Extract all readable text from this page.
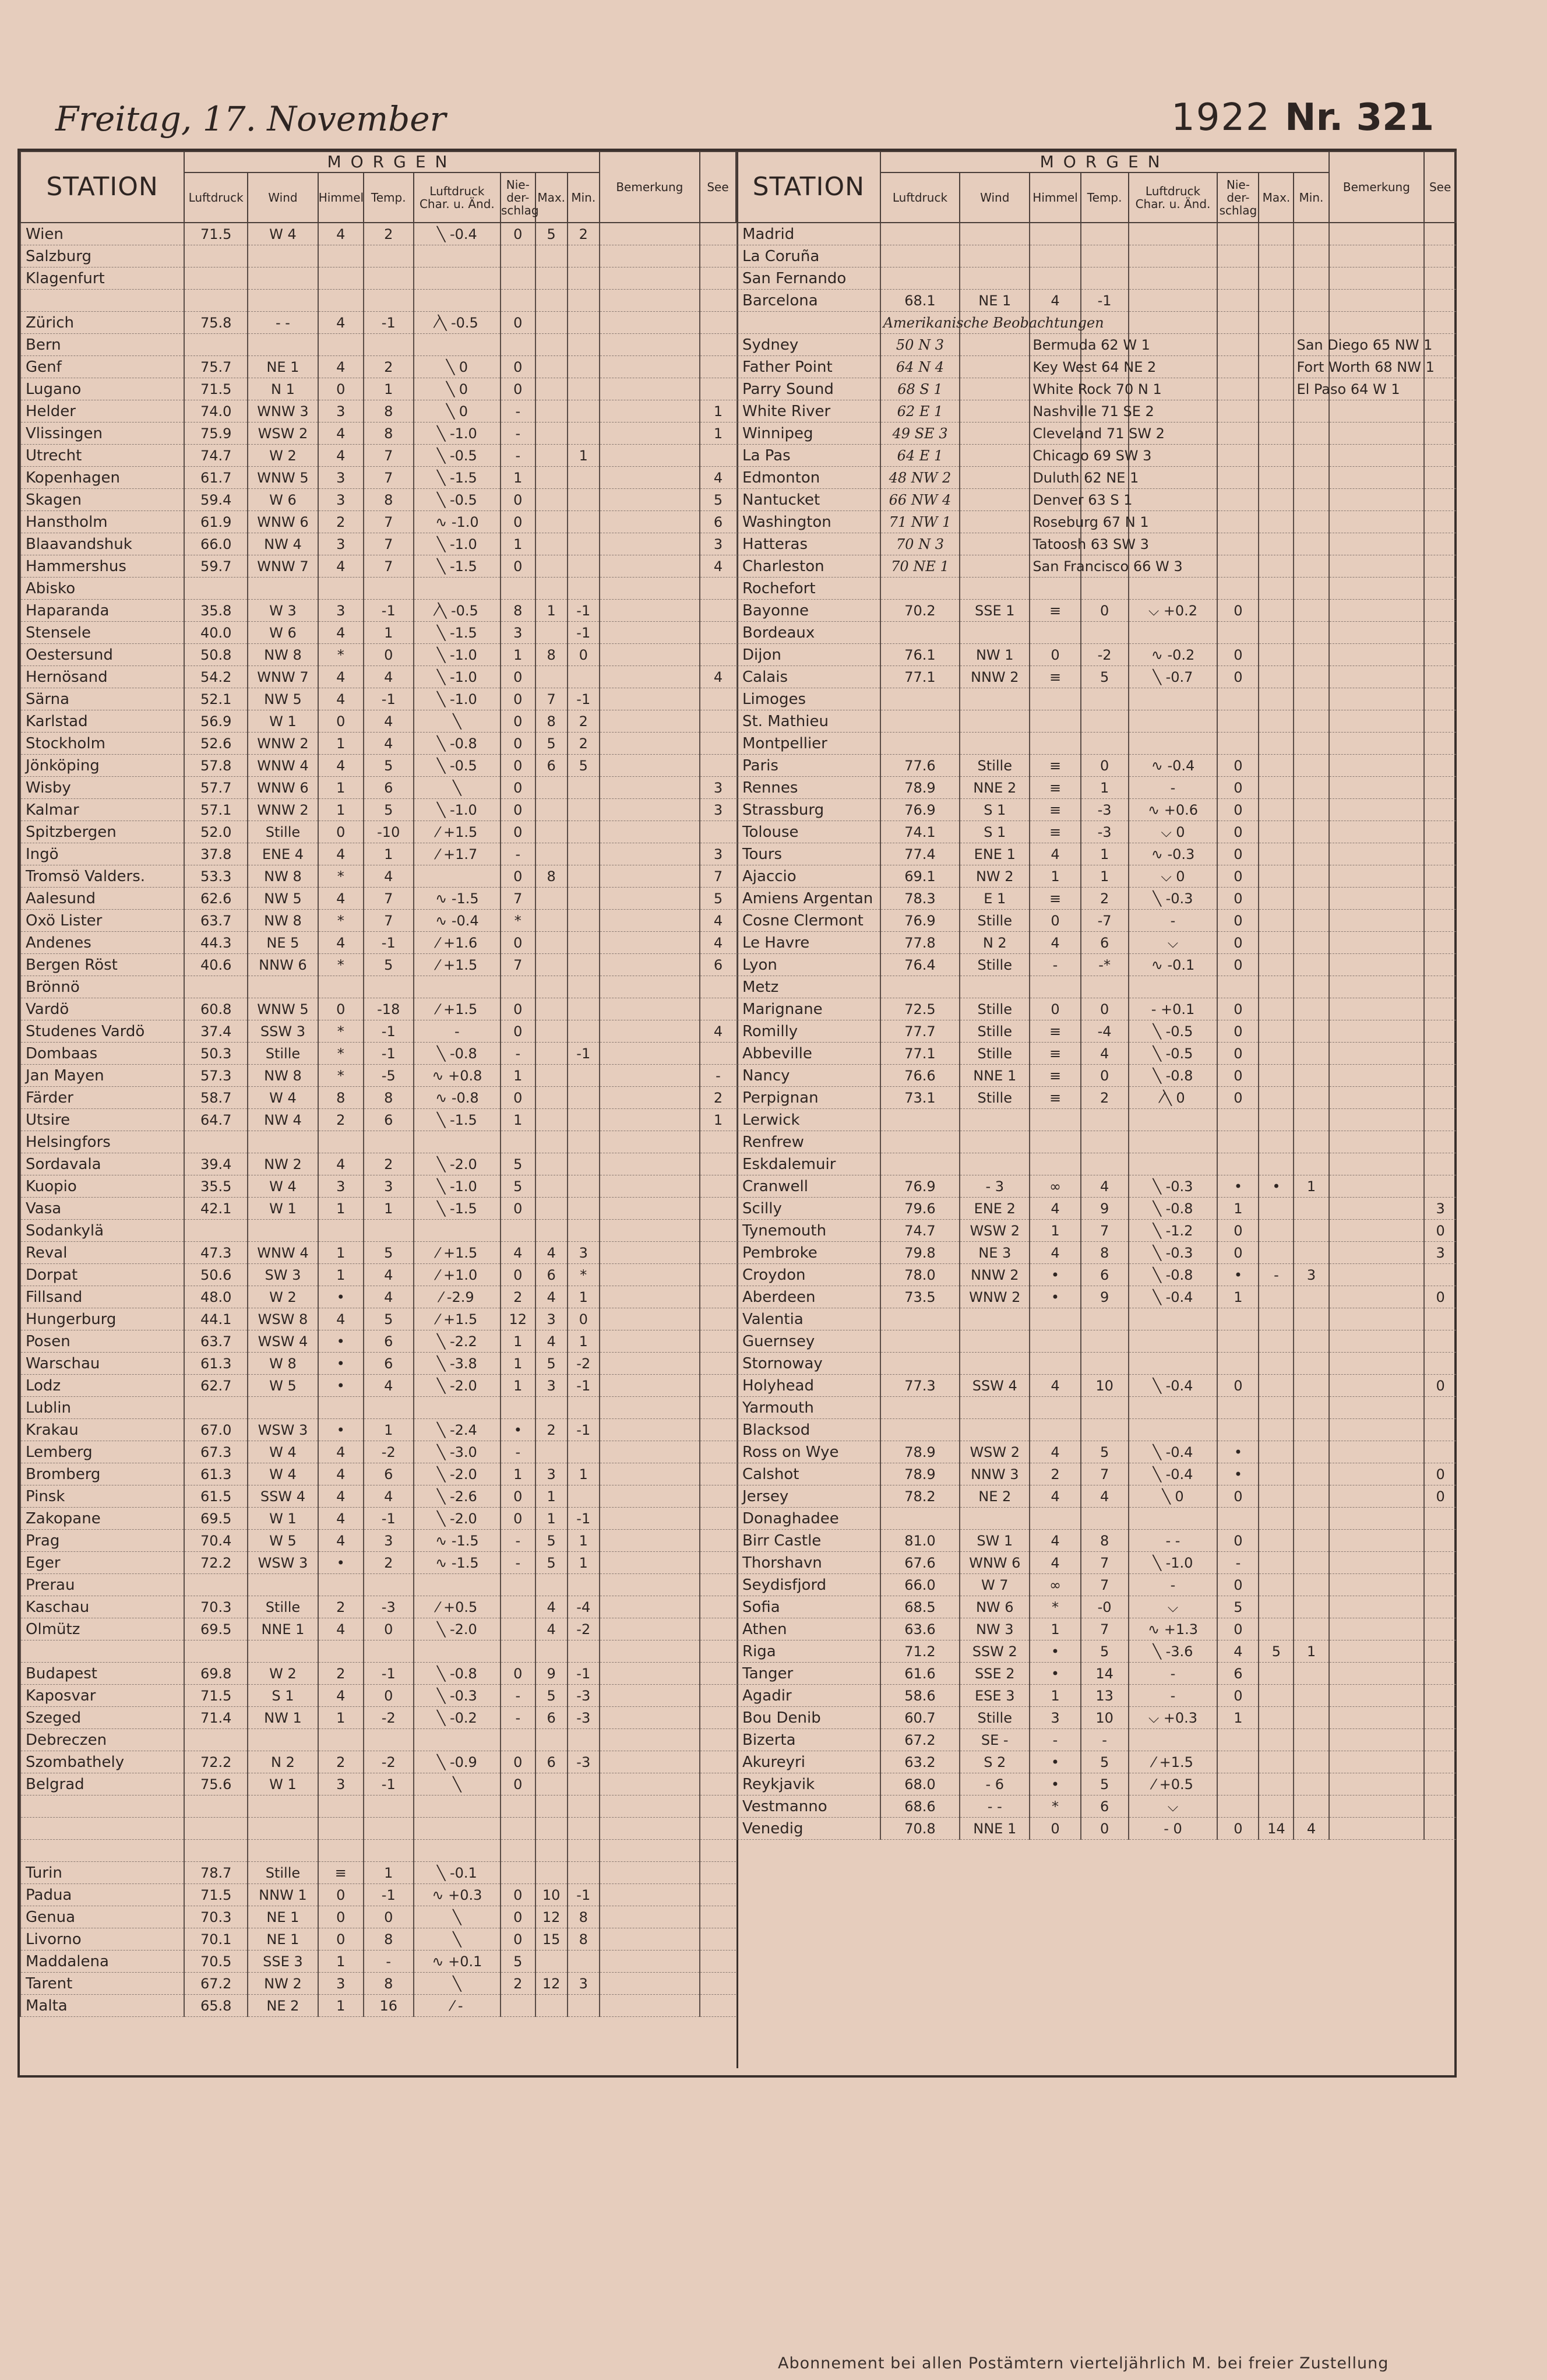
Freitag, 17. November	1922 Nr. 321
STATION	MORGEN								Bemerkung	See
	Luftdruck	Wind	Himmel	Temp.	Luftdruck Char. u. Änd.	Nie-der-schlag	Max.	Min.		
Wien	71.5	W 4	4	2	╲ -0.4	0	5	2		
Salzburg										
Klagenfurt										

Zürich	75.8	- -	4	-1	⁄╲ -0.5	0				
Bern										
Genf	75.7	NE 1	4	2	╲ 0	0				
Lugano	71.5	N 1	0	1	╲ 0	0				
Helder	74.0	WNW 3	3	8	╲ 0	-				1
Vlissingen	75.9	WSW 2	4	8	╲ -1.0	-				1
Utrecht	74.7	W 2	4	7	╲ -0.5	-		1		
Kopenhagen	61.7	WNW 5	3	7	╲ -1.5	1				4
Skagen	59.4	W 6	3	8	╲ -0.5	0				5
Hanstholm	61.9	WNW 6	2	7	∿ -1.0	0				6
Blaavandshuk	66.0	NW 4	3	7	╲ -1.0	1				3
Hammershus	59.7	WNW 7	4	7	╲ -1.5	0				4
Abisko										
Haparanda	35.8	W 3	3	-1	⁄╲ -0.5	8	1	-1		
Stensele	40.0	W 6	4	1	╲ -1.5	3		-1		
Oestersund	50.8	NW 8	*	0	╲ -1.0	1	8	0		
Hernösand	54.2	WNW 7	4	4	╲ -1.0	0				4
Särna	52.1	NW 5	4	-1	╲ -1.0	0	7	-1		
Karlstad	56.9	W 1	0	4	╲	0	8	2		
Stockholm	52.6	WNW 2	1	4	╲ -0.8	0	5	2		
Jönköping	57.8	WNW 4	4	5	╲ -0.5	0	6	5		
Wisby	57.7	WNW 6	1	6	╲	0				3
Kalmar	57.1	WNW 2	1	5	╲ -1.0	0				3
Spitzbergen	52.0	Stille	0	-10	⁄ +1.5	0				
Ingö	37.8	ENE 4	4	1	⁄ +1.7	-				3
Tromsö Valders.	53.3	NW 8	*	4		0	8			7
Aalesund	62.6	NW 5	4	7	∿ -1.5	7				5
Oxö Lister	63.7	NW 8	*	7	∿ -0.4	*				4
Andenes	44.3	NE 5	4	-1	⁄ +1.6	0				4
Bergen Röst	40.6	NNW 6	*	5	⁄ +1.5	7				6
Brönnö										
Vardö	60.8	WNW 5	0	-18	⁄ +1.5	0				
Studenes Vardö	37.4	SSW 3	*	-1	-	0				4
Dombaas	50.3	Stille	*	-1	╲ -0.8	-		-1		
Jan Mayen	57.3	NW 8	*	-5	∿ +0.8	1				-
Färder	58.7	W 4	8	8	∿ -0.8	0				2
Utsire	64.7	NW 4	2	6	╲ -1.5	1				1
Helsingfors										
Sordavala	39.4	NW 2	4	2	╲ -2.0	5				
Kuopio	35.5	W 4	3	3	╲ -1.0	5				
Vasa	42.1	W 1	1	1	╲ -1.5	0				
Sodankylä										
Reval	47.3	WNW 4	1	5	⁄ +1.5	4	4	3		
Dorpat	50.6	SW 3	1	4	⁄ +1.0	0	6	*		
Fillsand	48.0	W 2	•	4	⁄ -2.9	2	4	1		
Hungerburg	44.1	WSW 8	4	5	⁄ +1.5	12	3	0		
Posen	63.7	WSW 4	•	6	╲ -2.2	1	4	1		
Warschau	61.3	W 8	•	6	╲ -3.8	1	5	-2		
Lodz	62.7	W 5	•	4	╲ -2.0	1	3	-1		
Lublin										
Krakau	67.0	WSW 3	•	1	╲ -2.4	•	2	-1		
Lemberg	67.3	W 4	4	-2	╲ -3.0	-				
Bromberg	61.3	W 4	4	6	╲ -2.0	1	3	1		
Pinsk	61.5	SSW 4	4	4	╲ -2.6	0	1			
Zakopane	69.5	W 1	4	-1	╲ -2.0	0	1	-1		
Prag	70.4	W 5	4	3	∿ -1.5	-	5	1		
Eger	72.2	WSW 3	•	2	∿ -1.5	-	5	1		
Prerau										
Kaschau	70.3	Stille	2	-3	⁄ +0.5		4	-4		
Olmütz	69.5	NNE 1	4	0	╲ -2.0		4	-2		

Budapest	69.8	W 2	2	-1	╲ -0.8	0	9	-1		
Kaposvar	71.5	S 1	4	0	╲ -0.3	-	5	-3		
Szeged	71.4	NW 1	1	-2	╲ -0.2	-	6	-3		
Debreczen										
Szombathely	72.2	N 2	2	-2	╲ -0.9	0	6	-3		
Belgrad	75.6	W 1	3	-1	╲	0				

Turin	78.7	Stille	≡	1	╲ -0.1					
Padua	71.5	NNW 1	0	-1	∿ +0.3	0	10	-1		
Genua	70.3	NE 1	0	0	╲	0	12	8		
Livorno	70.1	NE 1	0	8	╲	0	15	8		
Maddalena	70.5	SSE 3	1	-	∿ +0.1	5				
Tarent	67.2	NW 2	3	8	╲	2	12	3		
Malta	65.8	NE 2	1	16	⁄ -					
STATION	MORGEN								Bemerkung	See
	Luftdruck	Wind	Himmel	Temp.	Luftdruck Char. u. Änd.	Nie-der-schlag	Max.	Min.		
Madrid										
La Coruña										
San Fernando										
Barcelona	68.1	NE 1	4	-1						
	Amerikanische Beobachtungen									
Sydney	50 N 3		Bermuda 62 W 1					San Diego 65 NW 1		
Father Point	64 N 4		Key West 64 NE 2					Fort Worth 68 NW 1		
Parry Sound	68 S 1		White Rock 70 N 1					El Paso 64 W 1		
White River	62 E 1		Nashville 71 SE 2							
Winnipeg	49 SE 3		Cleveland 71 SW 2							
La Pas	64 E 1		Chicago 69 SW 3							
Edmonton	48 NW 2		Duluth 62 NE 1							
Nantucket	66 NW 4		Denver 63 S 1							
Washington	71 NW 1		Roseburg 67 N 1							
Hatteras	70 N 3		Tatoosh 63 SW 3							
Charleston	70 NE 1		San Francisco 66 W 3							
Rochefort										
Bayonne	70.2	SSE 1	≡	0	⌵ +0.2	0				
Bordeaux										
Dijon	76.1	NW 1	0	-2	∿ -0.2	0				
Calais	77.1	NNW 2	≡	5	╲ -0.7	0				
Limoges										
St. Mathieu										
Montpellier										
Paris	77.6	Stille	≡	0	∿ -0.4	0				
Rennes	78.9	NNE 2	≡	1	-	0				
Strassburg	76.9	S 1	≡	-3	∿ +0.6	0				
Tolouse	74.1	S 1	≡	-3	⌵ 0	0				
Tours	77.4	ENE 1	4	1	∿ -0.3	0				
Ajaccio	69.1	NW 2	1	1	⌵ 0	0				
Amiens Argentan	78.3	E 1	≡	2	╲ -0.3	0				
Cosne Clermont	76.9	Stille	0	-7	-	0				
Le Havre	77.8	N 2	4	6	⌵	0				
Lyon	76.4	Stille	-	-*	∿ -0.1	0				
Metz										
Marignane	72.5	Stille	0	0	- +0.1	0				
Romilly	77.7	Stille	≡	-4	╲ -0.5	0				
Abbeville	77.1	Stille	≡	4	╲ -0.5	0				
Nancy	76.6	NNE 1	≡	0	╲ -0.8	0				
Perpignan	73.1	Stille	≡	2	⁄╲ 0	0				
Lerwick										
Renfrew										
Eskdalemuir										
Cranwell	76.9	- 3	∞	4	╲ -0.3	•	•	1		
Scilly	79.6	ENE 2	4	9	╲ -0.8	1				3
Tynemouth	74.7	WSW 2	1	7	╲ -1.2	0				0
Pembroke	79.8	NE 3	4	8	╲ -0.3	0				3
Croydon	78.0	NNW 2	•	6	╲ -0.8	•	-	3		
Aberdeen	73.5	WNW 2	•	9	╲ -0.4	1				0
Valentia										
Guernsey										
Stornoway										
Holyhead	77.3	SSW 4	4	10	╲ -0.4	0				0
Yarmouth										
Blacksod										
Ross on Wye	78.9	WSW 2	4	5	╲ -0.4	•				
Calshot	78.9	NNW 3	2	7	╲ -0.4	•				0
Jersey	78.2	NE 2	4	4	╲ 0	0				0
Donaghadee										
Birr Castle	81.0	SW 1	4	8	- -	0				
Thorshavn	67.6	WNW 6	4	7	╲ -1.0	-				
Seydisfjord	66.0	W 7	∞	7	-	0				
Sofia	68.5	NW 6	*	-0	⌵	5				
Athen	63.6	NW 3	1	7	∿ +1.3	0				
Riga	71.2	SSW 2	•	5	╲ -3.6	4	5	1		
Tanger	61.6	SSE 2	•	14	-	6				
Agadir	58.6	ESE 3	1	13	-	0				
Bou Denib	60.7	Stille	3	10	⌵ +0.3	1				
Bizerta	67.2	SE -	-	-						
Akureyri	63.2	S 2	•	5	⁄ +1.5					
Reykjavik	68.0	- 6	•	5	⁄ +0.5					
Vestmanno	68.6	- -	*	6	⌵					
Venedig	70.8	NNE 1	0	0	- 0	0	14	4		
Abonnement bei allen Postämtern vierteljährlich M. bei freier Zustellung
